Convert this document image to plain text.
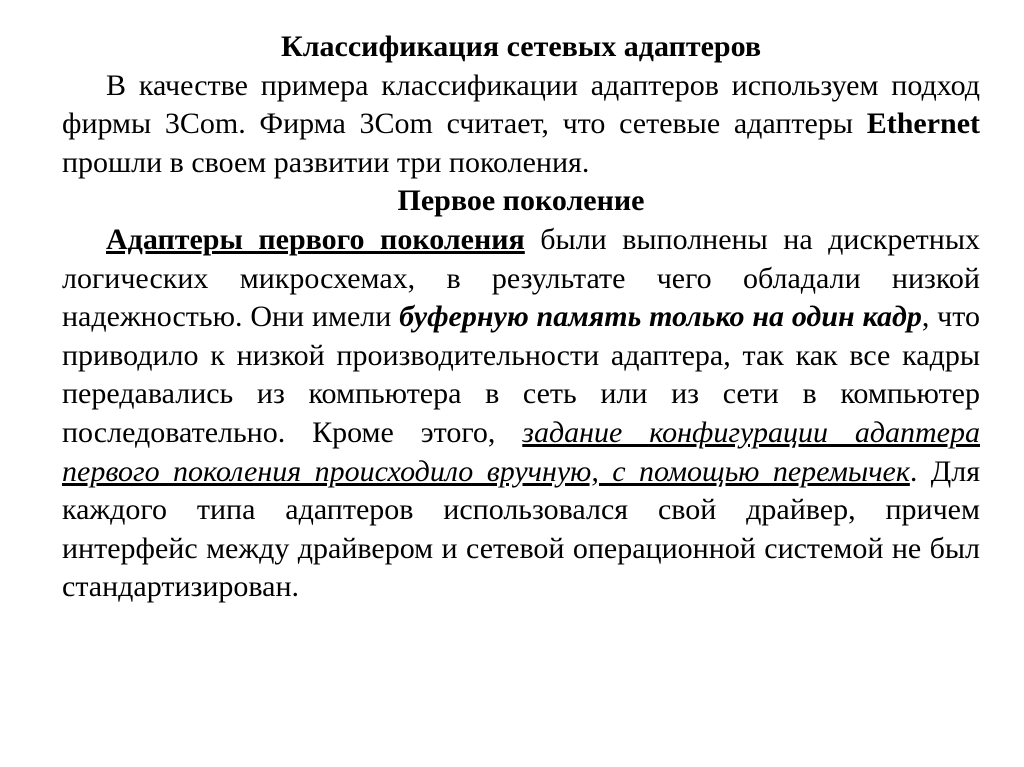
Классификация сетевых адаптеров

В качестве примера классификации адаптеров используем подход фирмы 3Com. Фирма 3Com считает, что сетевые адаптеры Ethernet прошли в своем развитии три поколения.

Первое поколение

Адаптеры первого поколения были выполнены на дискретных логических микросхемах, в результате чего обладали низкой надежностью. Они имели буферную память только на один кадр, что приводило к низкой производительности адаптера, так как все кадры передавались из компьютера в сеть или из сети в компьютер последовательно. Кроме этого, задание конфигурации адаптера первого поколения происходило вручную, с помощью перемычек. Для каждого типа адаптеров использовался свой драйвер, причем интерфейс между драйвером и сетевой операционной системой не был стандартизирован.
